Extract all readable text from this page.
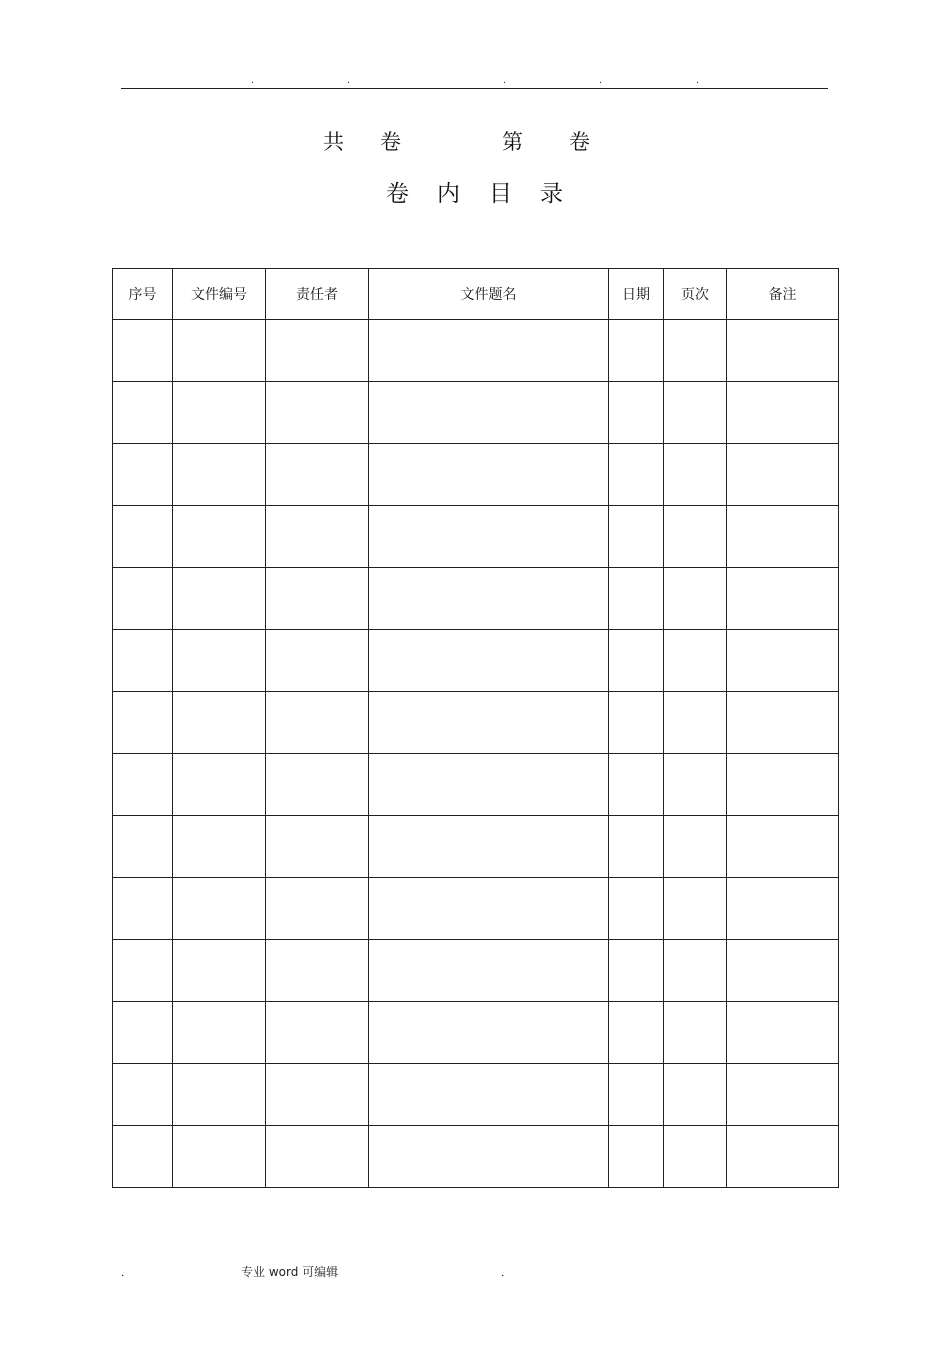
.	.	.	.	.
共 卷	第 卷
卷 内 目 录
序号	文件编号	责任者	文件题名	日期	页次	备注

.	专业 word 可编辑	.
